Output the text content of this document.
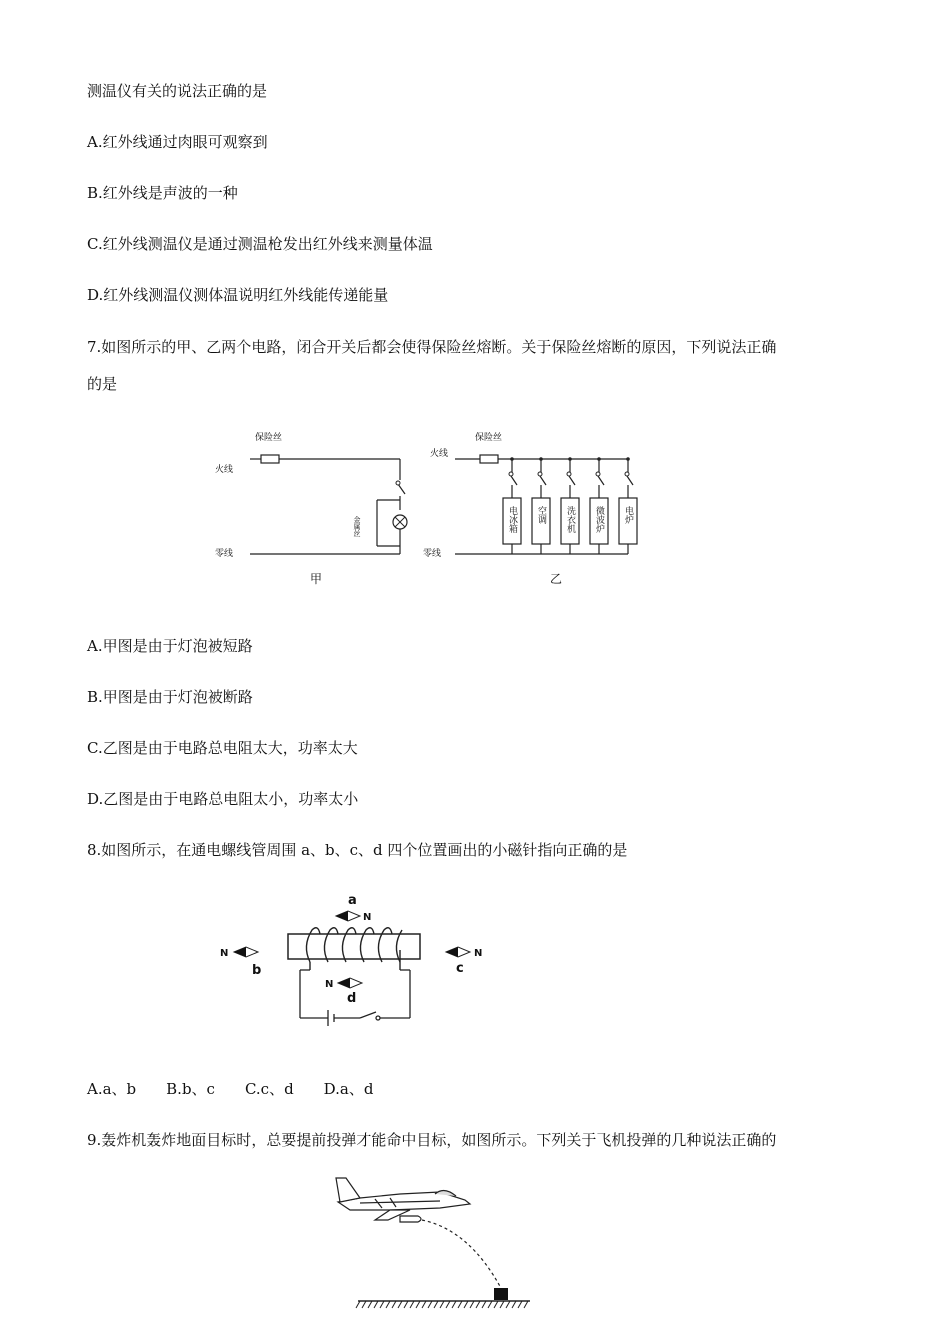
测温仪有关的说法正确的是
A.红外线通过肉眼可观察到
B.红外线是声波的一种
C.红外线测温仪是通过测温枪发出红外线来测量体温
D.红外线测温仪测体温说明红外线能传递能量
7.如图所示的甲、乙两个电路，闭合开关后都会使得保险丝熔断。关于保险丝熔断的原因，下列说法正确
的是
保险丝
火线
零线
金属丝
甲
保险丝
火线
零线
电冰箱 空调 洗衣机 微波炉 电炉
乙
A.甲图是由于灯泡被短路
B.甲图是由于灯泡被断路
C.乙图是由于电路总电阻太大，功率太大
D.乙图是由于电路总电阻太小，功率太小
8.如图所示，在通电螺线管周围 a、b、c、d 四个位置画出的小磁针指向正确的是
a
N
N
b
N
c
N
d
A.a、b B.b、c C.c、d D.a、d
9.轰炸机轰炸地面目标时，总要提前投弹才能命中目标，如图所示。下列关于飞机投弹的几种说法正确的
